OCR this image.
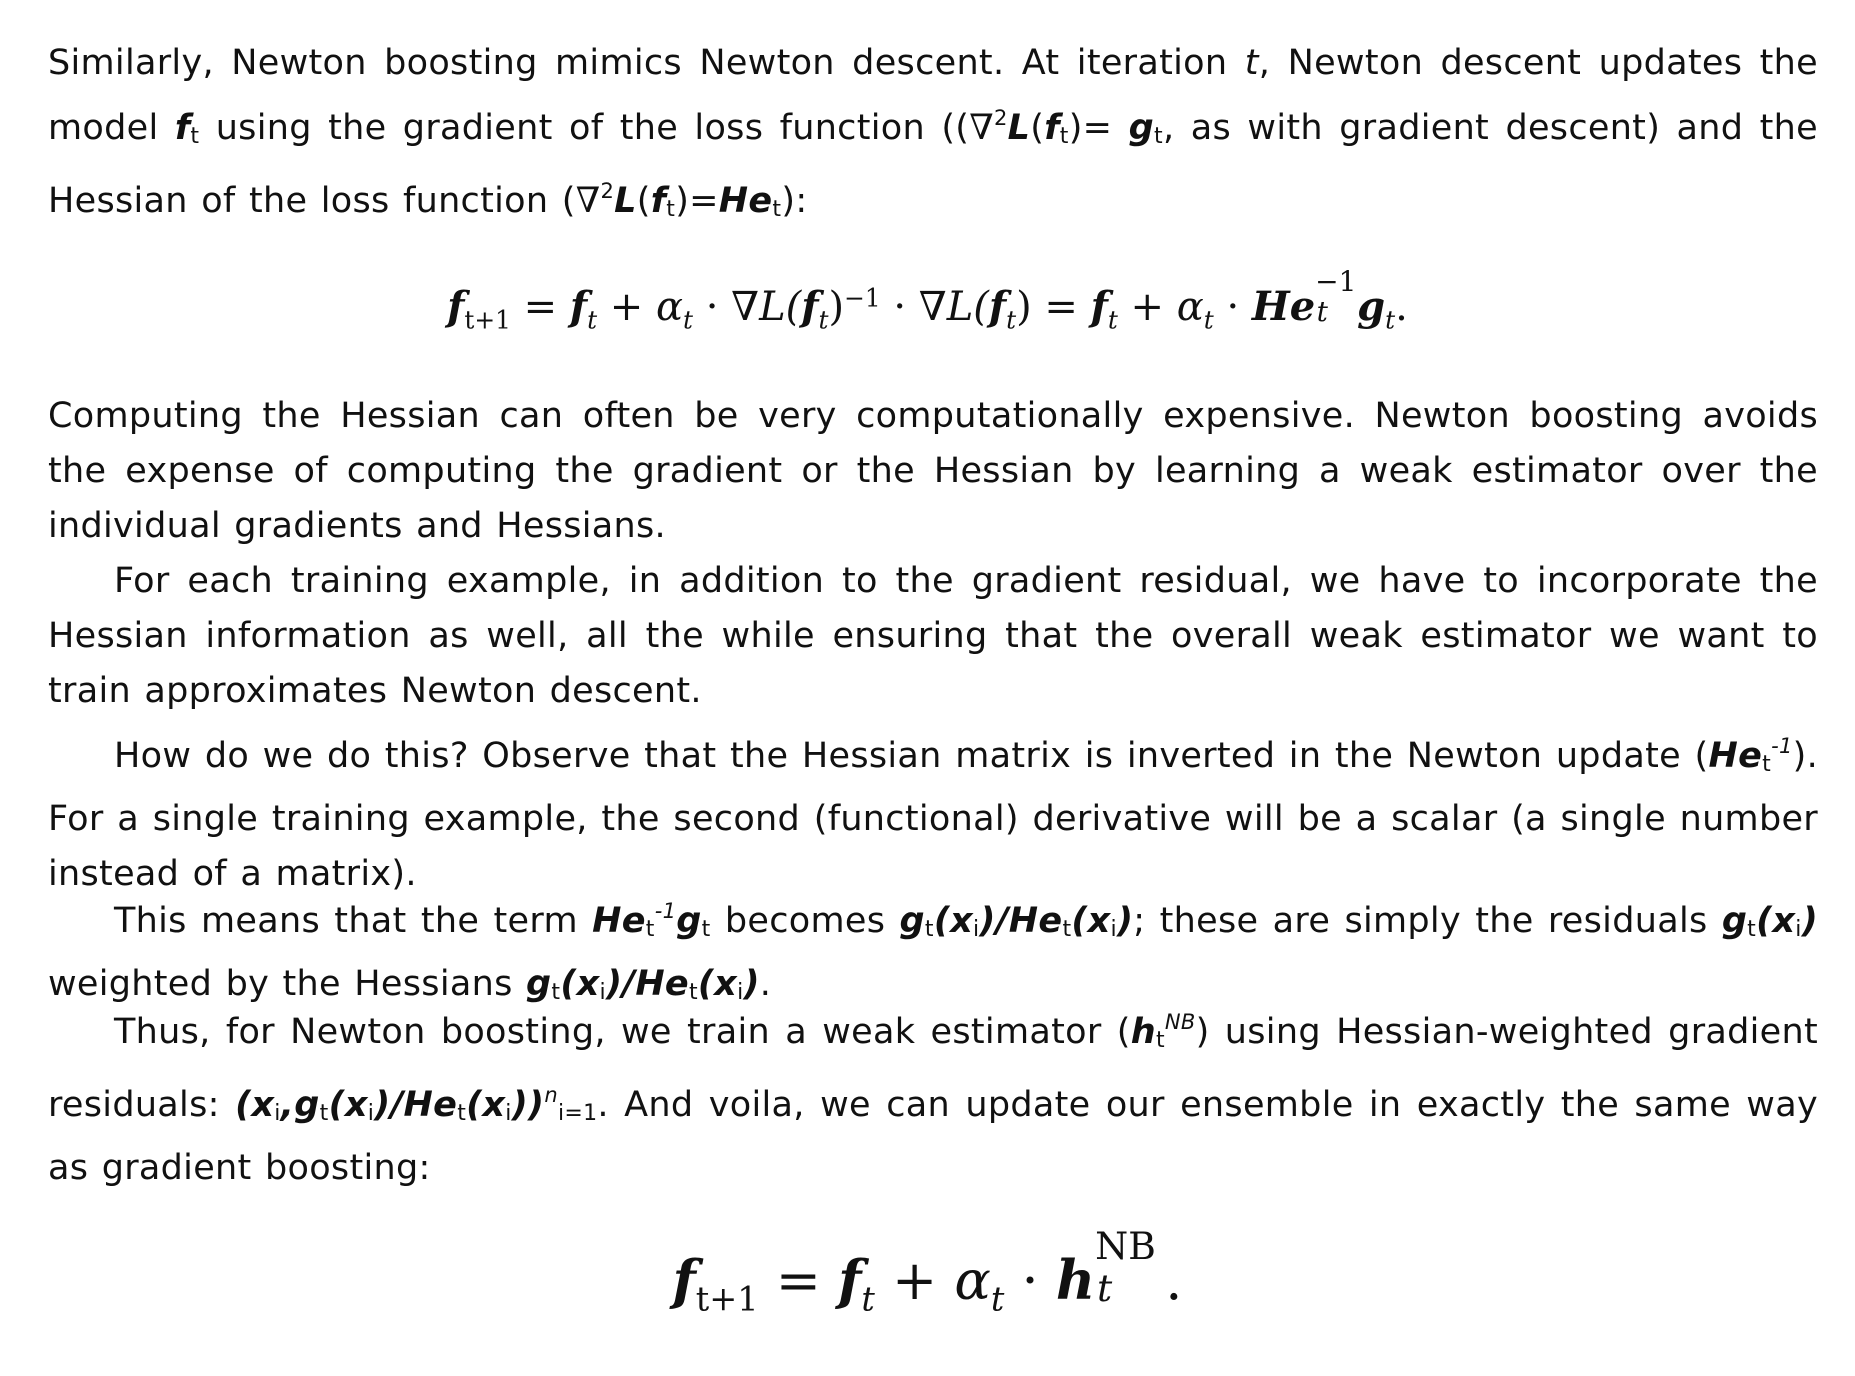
Similarly, Newton boosting mimics Newton descent. At iteration t, Newton descent updates the model ft using the gradient of the loss function ((∇$^2$L(ft)= gt, as with gradient descent) and the Hessian of the loss function (∇$^2$L(ft)=Het):

$f_{t+1} = f_t + \alpha_t \cdot \nabla L(f_t)^{-1} \cdot \nabla L(f_t) = f_t + \alpha_t \cdot He$
−1
t $g_t$.

Computing the Hessian can often be very computationally expensive. Newton boosting avoids the expense of computing the gradient or the Hessian by learning a weak estimator over the individual gradients and Hessians.

For each training example, in addition to the gradient residual, we have to incorporate the Hessian information as well, all the while ensuring that the overall weak estimator we want to train approximates Newton descent.

How do we do this? Observe that the Hessian matrix is inverted in the Newton update (Het$^{-1}$). For a single training example, the second (functional) derivative will be a scalar (a single number instead of a matrix).

This means that the term Het$^{-1}$gt becomes gt(xi)/Het(xi); these are simply the residuals gt(xi) weighted by the Hessians gt(xi)/Het(xi).

Thus, for Newton boosting, we train a weak estimator $(ht^{NB})$ using Hessian-weighted gradient residuals: $(xi,gt(xi)/Het(xi))^ni=1$. And voila, we can update our ensemble in exactly the same way as gradient boosting:

$f_{t+1} = f_t + \alpha_t \cdot h$
NB
t .
